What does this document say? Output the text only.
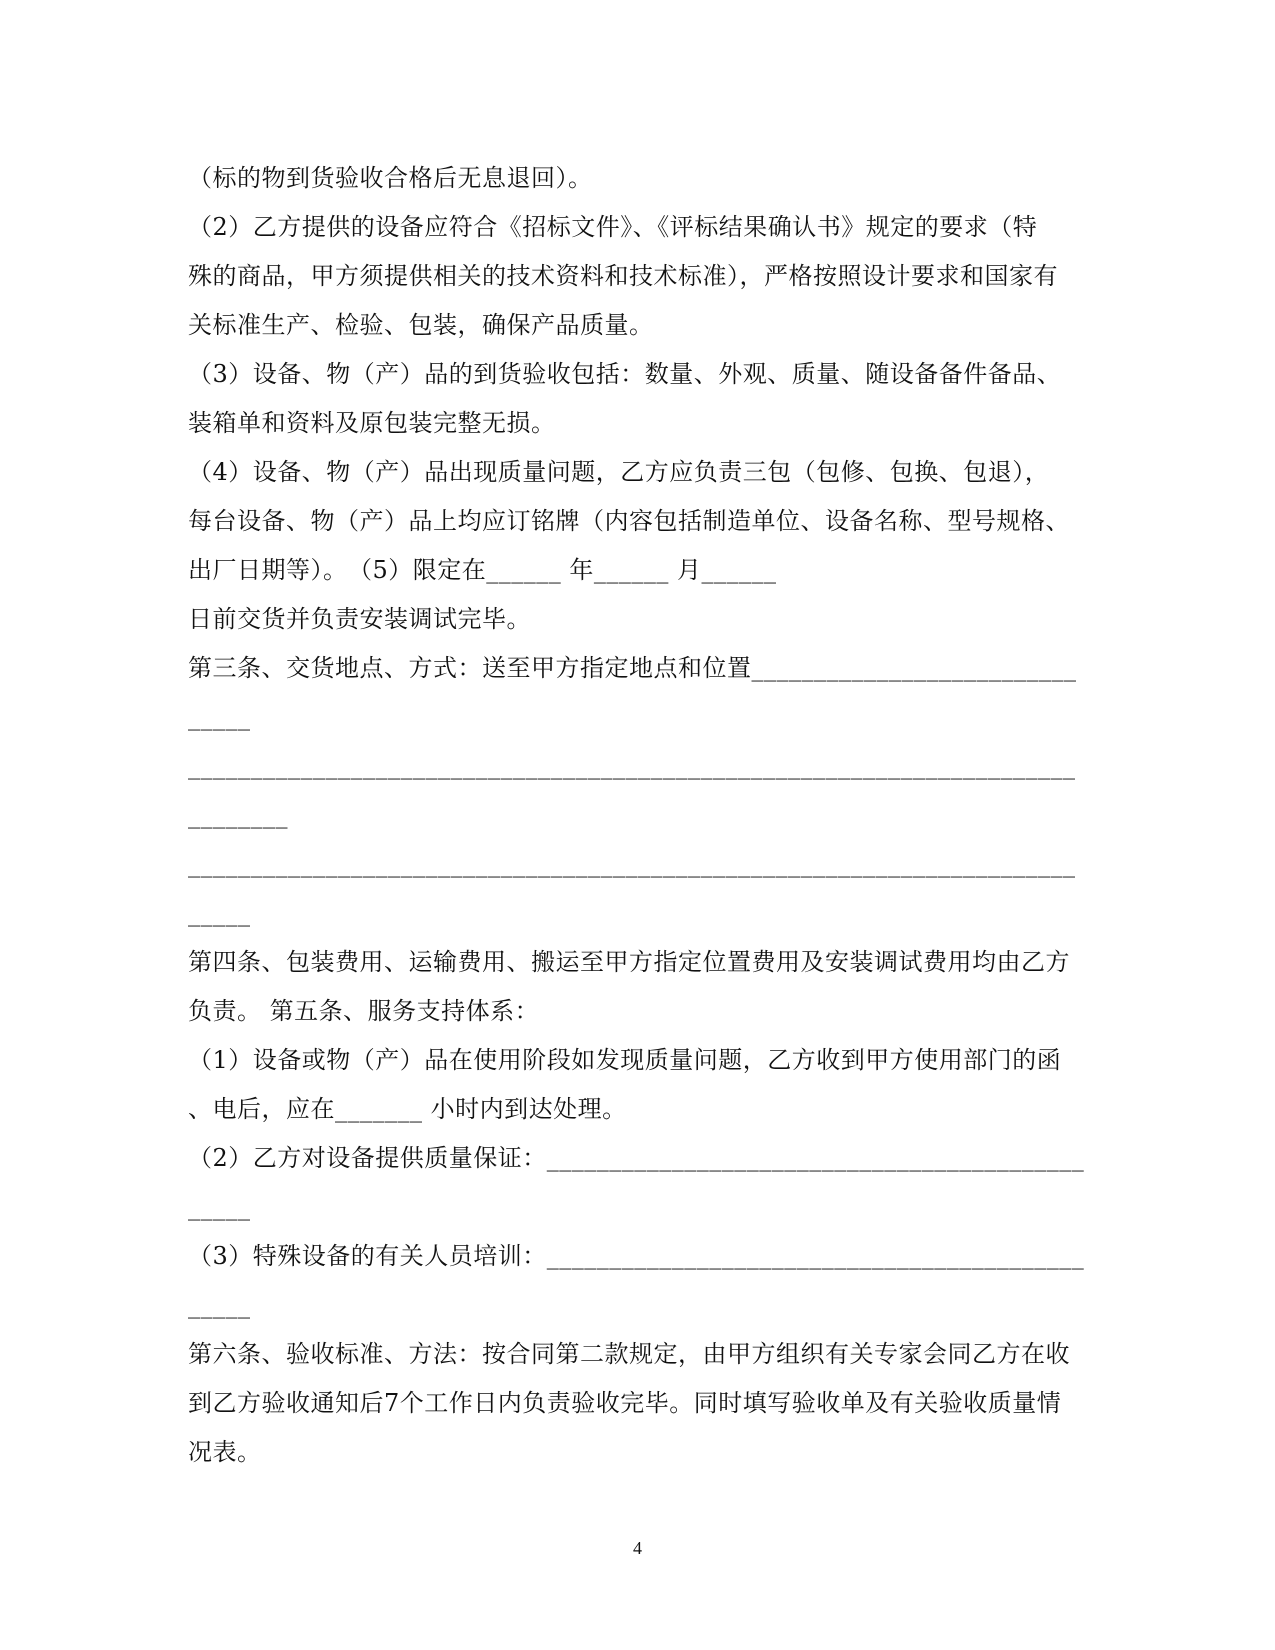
（标的物到货验收合格后无息退回）。
（2）乙方提供的设备应符合《招标文件》、《评标结果确认书》规定的要求（特
殊的商品，甲方须提供相关的技术资料和技术标准），严格按照设计要求和国家有
关标准生产、检验、包装，确保产品质量。
（3）设备、物（产）品的到货验收包括：数量、外观、质量、随设备备件备品、
装箱单和资料及原包装完整无损。
（4）设备、物（产）品出现质量问题，乙方应负责三包（包修、包换、包退），
每台设备、物（产）品上均应订铭牌（内容包括制造单位、设备名称、型号规格、
出厂日期等）。　（5）限定在______ 年______ 月______
日前交货并负责安装调试完毕。
第三条、交货地点、方式：送至甲方指定地点和位置__________________________
_____
_______________________________________________________________________
________
_______________________________________________________________________
_____
第四条、包装费用、运输费用、搬运至甲方指定位置费用及安装调试费用均由乙方
负责。 第五条、服务支持体系：
（1）设备或物（产）品在使用阶段如发现质量问题，乙方收到甲方使用部门的函
、电后，应在_______ 小时内到达处理。
（2）乙方对设备提供质量保证：___________________________________________
_____
（3）特殊设备的有关人员培训：___________________________________________
_____
第六条、验收标准、方法：按合同第二款规定，由甲方组织有关专家会同乙方在收
到乙方验收通知后7个工作日内负责验收完毕。同时填写验收单及有关验收质量情
况表。
4
